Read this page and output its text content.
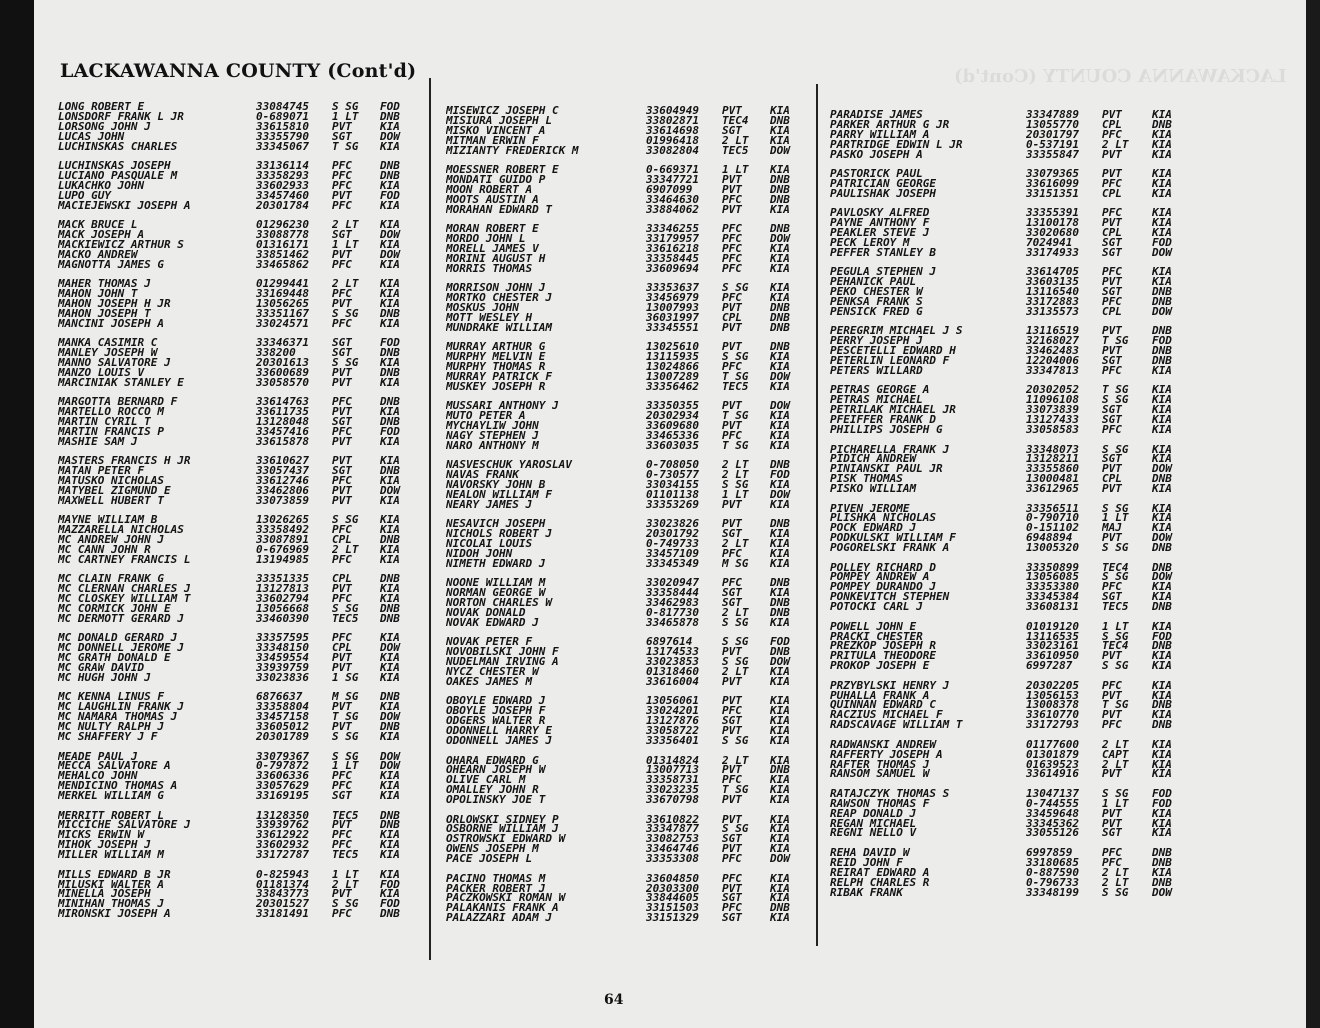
LACKAWANNA COUNTY (Cont'd)	LACKAWANNA COUNTY (Cont'd)
LONG ROBERT E	33084745	S SG	FOD
LONSDORF FRANK L JR	0-689071	1 LT	DNB
LORSONG JOHN J	33615810	PVT	KIA
LUCAS JOHN	33355790	SGT	DOW
LUCHINSKAS CHARLES	33345067	T SG	KIA
LUCHINSKAS JOSEPH	33136114	PFC	DNB
LUCIANO PASQUALE M	33358293	PFC	DNB
LUKACHKO JOHN	33602933	PFC	KIA
LUPO GUY	33457460	PVT	FOD
MACIEJEWSKI JOSEPH A	20301784	PFC	KIA
MACK BRUCE L	01296230	2 LT	KIA
MACK JOSEPH A	33088778	SGT	DOW
MACKIEWICZ ARTHUR S	01316171	1 LT	KIA
MACKO ANDREW	33851462	PVT	DOW
MAGNOTTA JAMES G	33465862	PFC	KIA
MAHER THOMAS J	01299441	2 LT	KIA
MAHON JOHN T	33169448	PFC	KIA
MAHON JOSEPH H JR	13056265	PVT	KIA
MAHON JOSEPH T	33351167	S SG	DNB
MANCINI JOSEPH A	33024571	PFC	KIA
MANKA CASIMIR C	33346371	SGT	FOD
MANLEY JOSEPH W	338200	SGT	DNB
MANNO SALVATORE J	20301613	S SG	KIA
MANZO LOUIS V	33600689	PVT	DNB
MARCINIAK STANLEY E	33058570	PVT	KIA
MARGOTTA BERNARD F	33614763	PFC	DNB
MARTELLO ROCCO M	33611735	PVT	KIA
MARTIN CYRIL T	13128048	SGT	DNB
MARTIN FRANCIS P	33457416	PFC	FOD
MASHIE SAM J	33615878	PVT	KIA
MASTERS FRANCIS H JR	33610627	PVT	KIA
MATAN PETER F	33057437	SGT	DNB
MATUSKO NICHOLAS	33612746	PFC	KIA
MATYBEL ZIGMUND E	33462806	PVT	DOW
MAXWELL HUBERT T	33073859	PVT	KIA
MAYNE WILLIAM B	13026265	S SG	KIA
MAZZARELLA NICHOLAS	33358492	PFC	KIA
MC ANDREW JOHN J	33087891	CPL	DNB
MC CANN JOHN R	0-676969	2 LT	KIA
MC CARTNEY FRANCIS L	13194985	PFC	KIA
MC CLAIN FRANK G	33351335	CPL	DNB
MC CLERNAN CHARLES J	13127813	PVT	KIA
MC CLOSKEY WILLIAM T	33602794	PFC	KIA
MC CORMICK JOHN E	13056668	S SG	DNB
MC DERMOTT GERARD J	33460390	TEC5	DNB
MC DONALD GERARD J	33357595	PFC	KIA
MC DONNELL JEROME J	33348150	CPL	DOW
MC GRATH DONALD E	33459554	PVT	KIA
MC GRAW DAVID	33939759	PVT	KIA
MC HUGH JOHN J	33023836	1 SG	KIA
MC KENNA LINUS F	6876637	M SG	DNB
MC LAUGHLIN FRANK J	33358804	PVT	KIA
MC NAMARA THOMAS J	33457158	T SG	DOW
MC NULTY RALPH J	33605012	PVT	DNB
MC SHAFFERY J F	20301789	S SG	KIA
MEADE PAUL J	33079367	S SG	DOW
MECCA SALVATORE A	0-797872	1 LT	DOW
MEHALCO JOHN	33606336	PFC	KIA
MENDICINO THOMAS A	33057629	PFC	KIA
MERKEL WILLIAM G	33169195	SGT	KIA
MERRITT ROBERT L	13128350	TEC5	DNB
MICCICHE SALVATORE J	33939762	PVT	DNB
MICKS ERWIN W	33612922	PFC	KIA
MIHOK JOSEPH J	33602932	PFC	KIA
MILLER WILLIAM M	33172787	TEC5	KIA
MILLS EDWARD B JR	0-825943	1 LT	KIA
MILUSKI WALTER A	01181374	2 LT	FOD
MINELLA JOSEPH	33843773	PVT	KIA
MINIHAN THOMAS J	20301527	S SG	FOD
MIRONSKI JOSEPH A	33181491	PFC	DNB
MISEWICZ JOSEPH C	33604949	PVT	KIA
MISIURA JOSEPH L	33802871	TEC4	DNB
MISKO VINCENT A	33614698	SGT	KIA
MITMAN ERWIN F	01996418	2 LT	KIA
MIZIANTY FREDERICK M	33082804	TEC5	DOW
MOESSNER ROBERT E	0-669371	1 LT	KIA
MONDATI GUIDO P	33347721	PVT	DNB
MOON ROBERT A	6907099	PVT	DNB
MOOTS AUSTIN A	33464630	PFC	DNB
MORAHAN EDWARD T	33884062	PVT	KIA
MORAN ROBERT E	33346255	PFC	DNB
MORDO JOHN L	33179957	PFC	DOW
MORELL JAMES V	33616218	PFC	KIA
MORINI AUGUST H	33358445	PFC	KIA
MORRIS THOMAS	33609694	PFC	KIA
MORRISON JOHN J	33353637	S SG	KIA
MORTKO CHESTER J	33456979	PFC	KIA
MOSKUS JOHN	13007993	PVT	DNB
MOTT WESLEY H	36031997	CPL	DNB
MUNDRAKE WILLIAM	33345551	PVT	DNB
MURRAY ARTHUR G	13025610	PVT	DNB
MURPHY MELVIN E	13115935	S SG	KIA
MURPHY THOMAS R	13024866	PFC	KIA
MURRAY PATRICK F	13007289	T SG	DOW
MUSKEY JOSEPH R	33356462	TEC5	KIA
MUSSARI ANTHONY J	33350355	PVT	DOW
MUTO PETER A	20302934	T SG	KIA
MYCHAYLIW JOHN	33609680	PVT	KIA
NAGY STEPHEN J	33465336	PFC	KIA
NARO ANTHONY M	33603035	T SG	KIA
NASVESCHUK YAROSLAV	0-708050	2 LT	DNB
NAVAS FRANK	0-730577	2 LT	FOD
NAVORSKY JOHN B	33034155	S SG	KIA
NEALON WILLIAM F	01101138	1 LT	DOW
NEARY JAMES J	33353269	PVT	KIA
NESAVICH JOSEPH	33023826	PVT	DNB
NICHOLS ROBERT J	20301792	SGT	KIA
NICOLAI LOUIS	0-749733	2 LT	KIA
NIDOH JOHN	33457109	PFC	KIA
NIMETH EDWARD J	33345349	M SG	KIA
NOONE WILLIAM M	33020947	PFC	DNB
NORMAN GEORGE W	33358444	SGT	KIA
NORTON CHARLES W	33462983	SGT	DNB
NOVAK DONALD	0-817730	2 LT	DNB
NOVAK EDWARD J	33465878	S SG	KIA
NOVAK PETER F	6897614	S SG	FOD
NOVOBILSKI JOHN F	13174533	PVT	DNB
NUDELMAN IRVING A	33023853	S SG	DOW
NYCZ CHESTER W	01318460	2 LT	KIA
OAKES JAMES M	33616004	PVT	KIA
OBOYLE EDWARD J	13056061	PVT	KIA
OBOYLE JOSEPH F	33024201	PFC	KIA
ODGERS WALTER R	13127876	SGT	KIA
ODONNELL HARRY E	33058722	PVT	KIA
ODONNELL JAMES J	33356401	S SG	KIA
OHARA EDWARD G	01314824	2 LT	KIA
OHEARN JOSEPH W	13007713	PVT	DNB
OLIVE CARL M	33358731	PFC	KIA
OMALLEY JOHN R	33023235	T SG	KIA
OPOLINSKY JOE T	33670798	PVT	KIA
ORLOWSKI SIDNEY P	33610822	PVT	KIA
OSBORNE WILLIAM J	33347877	S SG	KIA
OSTROWSKI EDWARD W	33082753	SGT	KIA
OWENS JOSEPH M	33464746	PVT	KIA
PACE JOSEPH L	33353308	PFC	DOW
PACINO THOMAS M	33604850	PFC	KIA
PACKER ROBERT J	20303300	PVT	KIA
PACZKOWSKI ROMAN W	33844605	SGT	KIA
PALAKANIS FRANK A	33151503	PFC	DNB
PALAZZARI ADAM J	33151329	SGT	KIA
PARADISE JAMES	33347889	PVT	KIA
PARKER ARTHUR G JR	13055770	CPL	DNB
PARRY WILLIAM A	20301797	PFC	KIA
PARTRIDGE EDWIN L JR	0-537191	2 LT	KIA
PASKO JOSEPH A	33355847	PVT	KIA
PASTORICK PAUL	33079365	PVT	KIA
PATRICIAN GEORGE	33616099	PFC	KIA
PAULISHAK JOSEPH	33151351	CPL	KIA
PAVLOSKY ALFRED	33355391	PFC	KIA
PAYNE ANTHONY F	13100178	PVT	KIA
PEAKLER STEVE J	33020680	CPL	KIA
PECK LEROY M	7024941	SGT	FOD
PEFFER STANLEY B	33174933	SGT	DOW
PEGULA STEPHEN J	33614705	PFC	KIA
PEHANICK PAUL	33603135	PVT	KIA
PEKO CHESTER W	13116540	SGT	DNB
PENKSA FRANK S	33172883	PFC	DNB
PENSICK FRED G	33135573	CPL	DOW
PEREGRIM MICHAEL J S	13116519	PVT	DNB
PERRY JOSEPH J	32168027	T SG	FOD
PESCETELLI EDWARD H	33462483	PVT	DNB
PETERLIN LEONARD F	12204006	SGT	DNB
PETERS WILLARD	33347813	PFC	KIA
PETRAS GEORGE A	20302052	T SG	KIA
PETRAS MICHAEL	11096108	S SG	KIA
PETRILAK MICHAEL JR	33073839	SGT	KIA
PFEIFFER FRANK D	13127433	SGT	KIA
PHILLIPS JOSEPH G	33058583	PFC	KIA
PICHARELLA FRANK J	33348073	S SG	KIA
PIDICH ANDREW	13128211	SGT	KIA
PINIANSKI PAUL JR	33355860	PVT	DOW
PISK THOMAS	13000481	CPL	DNB
PISKO WILLIAM	33612965	PVT	KIA
PIVEN JEROME	33356511	S SG	KIA
PLISHKA NICHOLAS	0-790710	1 LT	KIA
POCK EDWARD J	0-151102	MAJ	KIA
PODKULSKI WILLIAM F	6948894	PVT	DOW
POGORELSKI FRANK A	13005320	S SG	DNB
POLLEY RICHARD D	33350899	TEC4	DNB
POMPEY ANDREW A	13056085	S SG	DOW
POMPEY DURANDO J	33353380	PFC	KIA
PONKEVITCH STEPHEN	33345384	SGT	KIA
POTOCKI CARL J	33608131	TEC5	DNB
POWELL JOHN E	01019120	1 LT	KIA
PRACKI CHESTER	13116535	S SG	FOD
PREZKOP JOSEPH R	33023161	TEC4	DNB
PRITULA THEODORE	33610950	PVT	KIA
PROKOP JOSEPH E	6997287	S SG	KIA
PRZYBYLSKI HENRY J	20302205	PFC	KIA
PUHALLA FRANK A	13056153	PVT	KIA
QUINNAN EDWARD C	13008378	T SG	DNB
RACZIUS MICHAEL F	33610770	PVT	KIA
RADSCAVAGE WILLIAM T	33172793	PFC	DNB
RADWANSKI ANDREW	01177600	2 LT	KIA
RAFFERTY JOSEPH A	01301879	CAPT	KIA
RAFTER THOMAS J	01639523	2 LT	KIA
RANSOM SAMUEL W	33614916	PVT	KIA
RATAJCZYK THOMAS S	13047137	S SG	FOD
RAWSON THOMAS F	0-744555	1 LT	FOD
REAP DONALD J	33459648	PVT	KIA
REGAN MICHAEL	33345362	PVT	KIA
REGNI NELLO V	33055126	SGT	KIA
REHA DAVID W	6997859	PFC	DNB
REID JOHN F	33180685	PFC	DNB
REIRAT EDWARD A	0-887590	2 LT	KIA
RELPH CHARLES R	0-796733	2 LT	DNB
RIBAK FRANK	33348199	S SG	DOW
64
